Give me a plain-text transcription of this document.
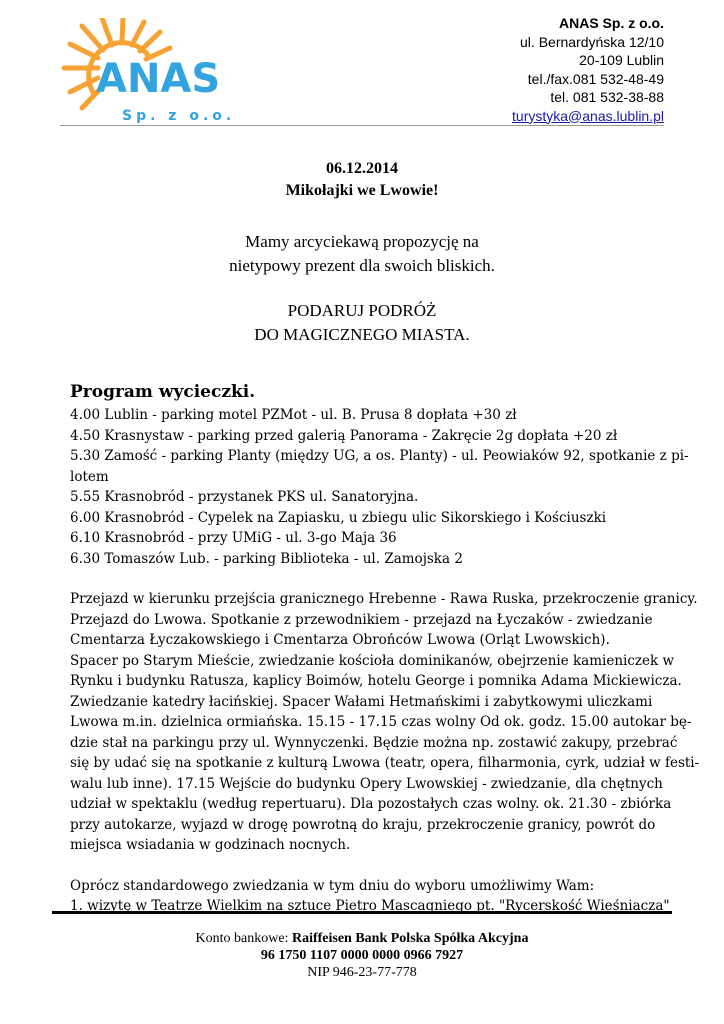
ANAS
Sp. z o.o.
ANAS Sp. z o.o.
ul. Bernardyńska 12/10
20-109 Lublin
tel./fax.081 532-48-49
tel. 081 532-38-88
turystyka@anas.lublin.pl
06.12.2014
Mikołajki we Lwowie!
Mamy arcyciekawą propozycję na
nietypowy prezent dla swoich bliskich.
PODARUJ PODRÓŻ
DO MAGICZNEGO MIASTA.
Program wycieczki.
4.00 Lublin - parking motel PZMot - ul. B. Prusa 8 dopłata +30 zł
4.50 Krasnystaw - parking przed galerią Panorama - Zakręcie 2g dopłata +20 zł
5.30 Zamość - parking Planty (między UG, a os. Planty) - ul. Peowiaków 92, spotkanie z pi-
lotem
5.55 Krasnobród - przystanek PKS ul. Sanatoryjna.
6.00 Krasnobród - Cypelek na Zapiasku, u zbiegu ulic Sikorskiego i Kościuszki
6.10 Krasnobród - przy UMiG - ul. 3-go Maja 36
6.30 Tomaszów Lub. - parking Biblioteka - ul. Zamojska 2
Przejazd w kierunku przejścia granicznego Hrebenne - Rawa Ruska, przekroczenie granicy.
Przejazd do Lwowa. Spotkanie z przewodnikiem - przejazd na Łyczaków - zwiedzanie
Cmentarza Łyczakowskiego i Cmentarza Obrońców Lwowa (Orląt Lwowskich).
Spacer po Starym Mieście, zwiedzanie kościoła dominikanów, obejrzenie kamieniczek w
Rynku i budynku Ratusza, kaplicy Boimów, hotelu George i pomnika Adama Mickiewicza.
Zwiedzanie katedry łacińskiej. Spacer Wałami Hetmańskimi i zabytkowymi uliczkami
Lwowa m.in. dzielnica ormiańska. 15.15 - 17.15 czas wolny Od ok. godz. 15.00 autokar bę-
dzie stał na parkingu przy ul. Wynnyczenki. Będzie można np. zostawić zakupy, przebrać
się by udać się na spotkanie z kulturą Lwowa (teatr, opera, filharmonia, cyrk, udział w festi-
walu lub inne). 17.15 Wejście do budynku Opery Lwowskiej - zwiedzanie, dla chętnych
udział w spektaklu (według repertuaru). Dla pozostałych czas wolny. ok. 21.30 - zbiórka
przy autokarze, wyjazd w drogę powrotną do kraju, przekroczenie granicy, powrót do
miejsca wsiadania w godzinach nocnych.
Oprócz standardowego zwiedzania w tym dniu do wyboru umożliwimy Wam:
1. wizytę w Teatrze Wielkim na sztuce Pietro Mascagniego pt. "Rycerskość Wieśniacza"
Konto bankowe: Raiffeisen Bank Polska Spółka Akcyjna
96 1750 1107 0000 0000 0966 7927
NIP 946-23-77-778
